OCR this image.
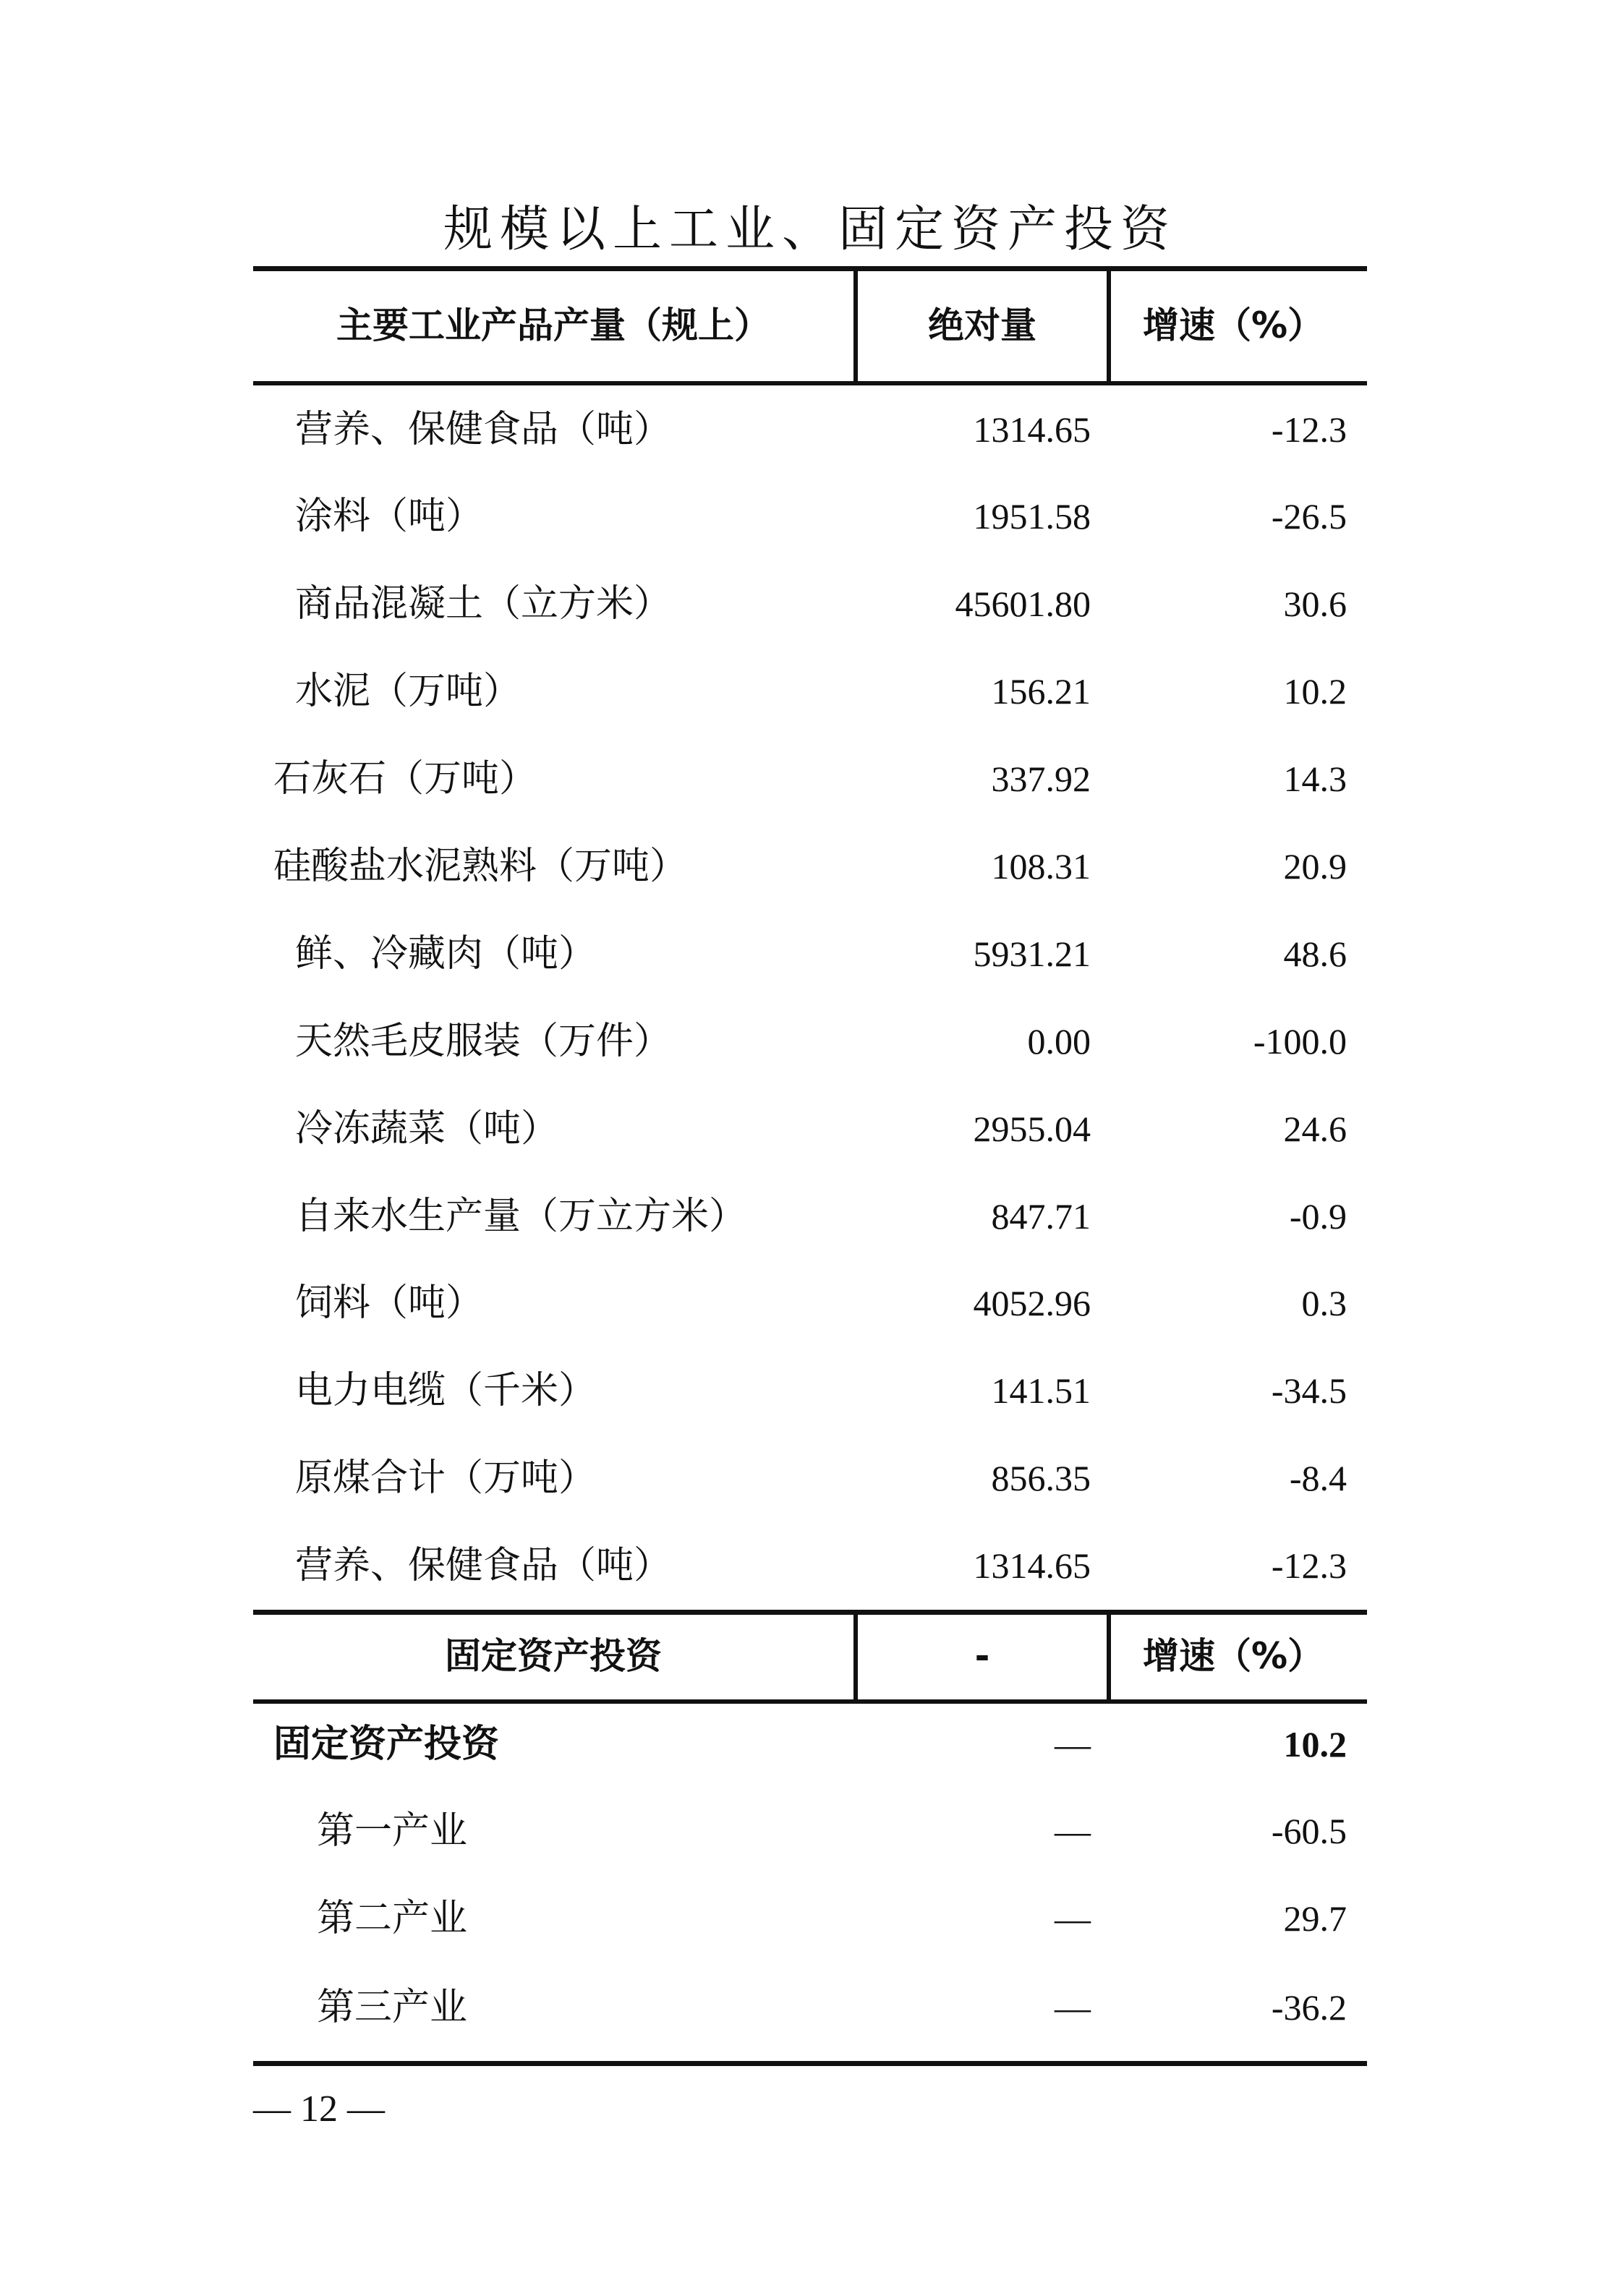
规模以上工业、固定资产投资
主要工业产品产量（规上）	绝对量	增速（%）
营养、保健食品（吨）	1314.65	-12.3
涂料（吨）	1951.58	-26.5
商品混凝土（立方米）	45601.80	30.6
水泥（万吨）	156.21	10.2
石灰石（万吨）	337.92	14.3
硅酸盐水泥熟料（万吨）	108.31	20.9
鲜、冷藏肉（吨）	5931.21	48.6
天然毛皮服装（万件）	0.00	-100.0
冷冻蔬菜（吨）	2955.04	24.6
自来水生产量（万立方米）	847.71	-0.9
饲料（吨）	4052.96	0.3
电力电缆（千米）	141.51	-34.5
原煤合计（万吨）	856.35	-8.4
营养、保健食品（吨）	1314.65	-12.3
固定资产投资	-	增速（%）
固定资产投资	—	10.2
第一产业	—	-60.5
第二产业	—	29.7
第三产业	—	-36.2
— 12 —
